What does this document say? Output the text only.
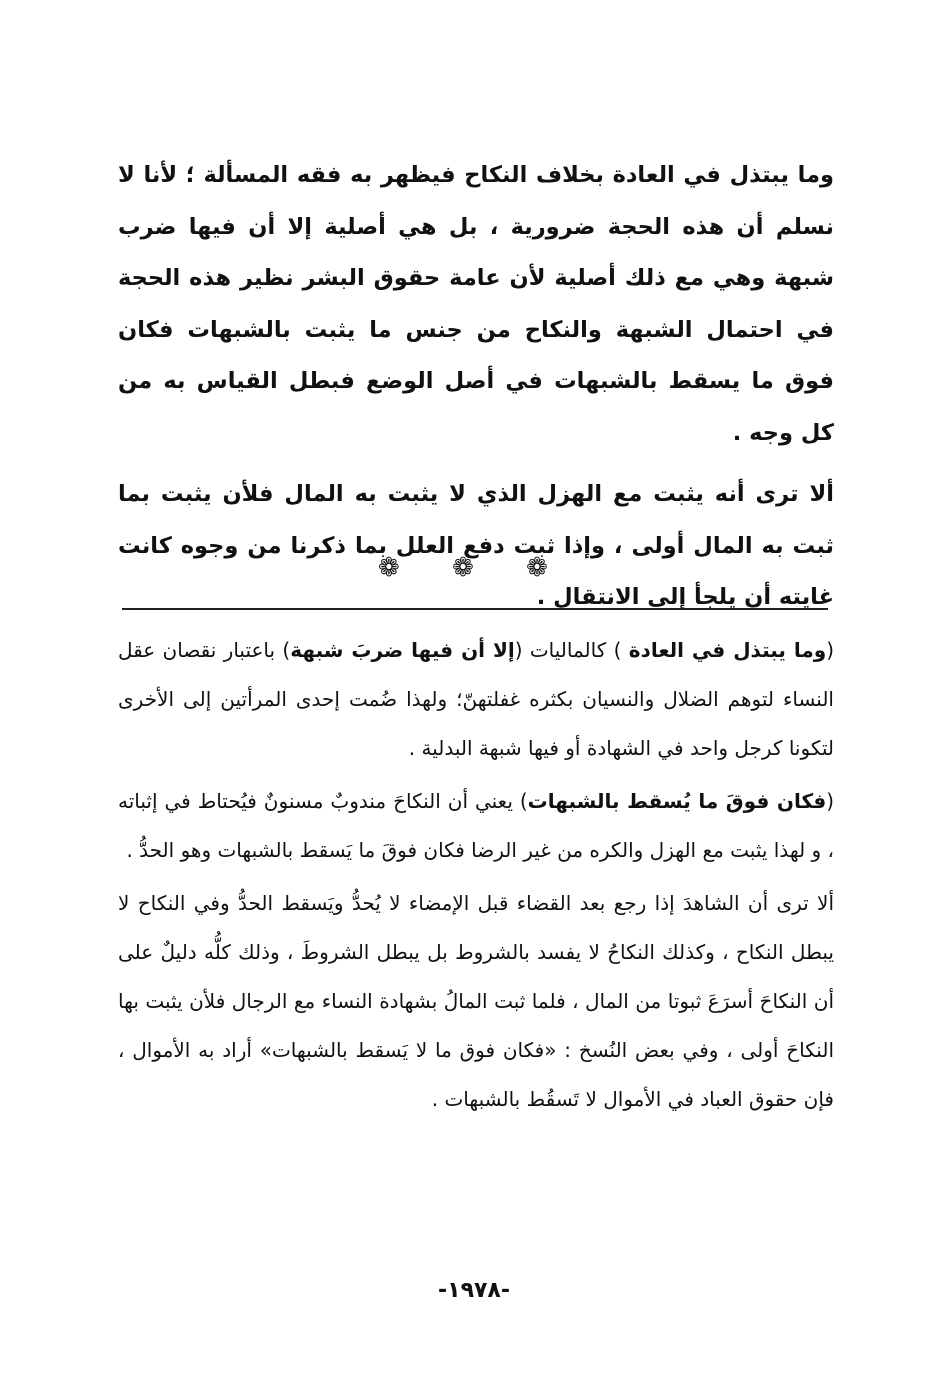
وما يبتذل في العادة بخلاف النكاح فيظهر به فقه المسألة ؛ لأنا لا نسلم أن هذه الحجة ضرورية ، بل هي أصلية إلا أن فيها ضرب شبهة وهي مع ذلك أصلية لأن عامة حقوق البشر نظير هذه الحجة في احتمال الشبهة والنكاح من جنس ما يثبت بالشبهات فكان فوق ما يسقط بالشبهات في أصل الوضع فبطل القياس به من كل وجه .

ألا ترى أنه يثبت مع الهزل الذي لا يثبت به المال فلأن يثبت بما ثبت به المال أولى ، وإذا ثبت دفع العلل بما ذكرنا من وجوه كانت غايته أن يلجأ إلى الانتقال .

❁ ❁ ❁

(وما يبتذل في العادة ) كالماليات (إلا أن فيها ضربَ شبهة) باعتبار نقصان عقل النساء لتوهم الضلال والنسيان بكثره غفلتهنّ؛ ولهذا ضُمت إحدى المرأتين إلى الأخرى لتكونا كرجل واحد في الشهادة أو فيها شبهة البدلية .

(فكان فوقَ ما يُسقط بالشبهات) يعني أن النكاحَ مندوبٌ مسنونٌ فيُحتاط في إثباته ، و لهذا يثبت مع الهزل والكره من غير الرضا فكان فوقَ ما يَسقط بالشبهات وهو الحدُّ .

ألا ترى أن الشاهدَ إذا رجع بعد القضاء قبل الإمضاء لا يُحدُّ ويَسقط الحدُّ وفي النكاح لا يبطل النكاح ، وكذلك النكاحُ لا يفسد بالشروط بل يبطل الشروطَ ، وذلك كلُّه دليلٌ على أن النكاحَ أسرَعَ ثبوتا من المال ، فلما ثبت المالُ بشهادة النساء مع الرجال فلأن يثبت بها النكاحَ أولى ، وفي بعض النُسخ : «فكان فوق ما لا يَسقط بالشبهات» أراد به الأموال ، فإن حقوق العباد في الأموال لا تَسقُط بالشبهات .

-١٩٧٨-
